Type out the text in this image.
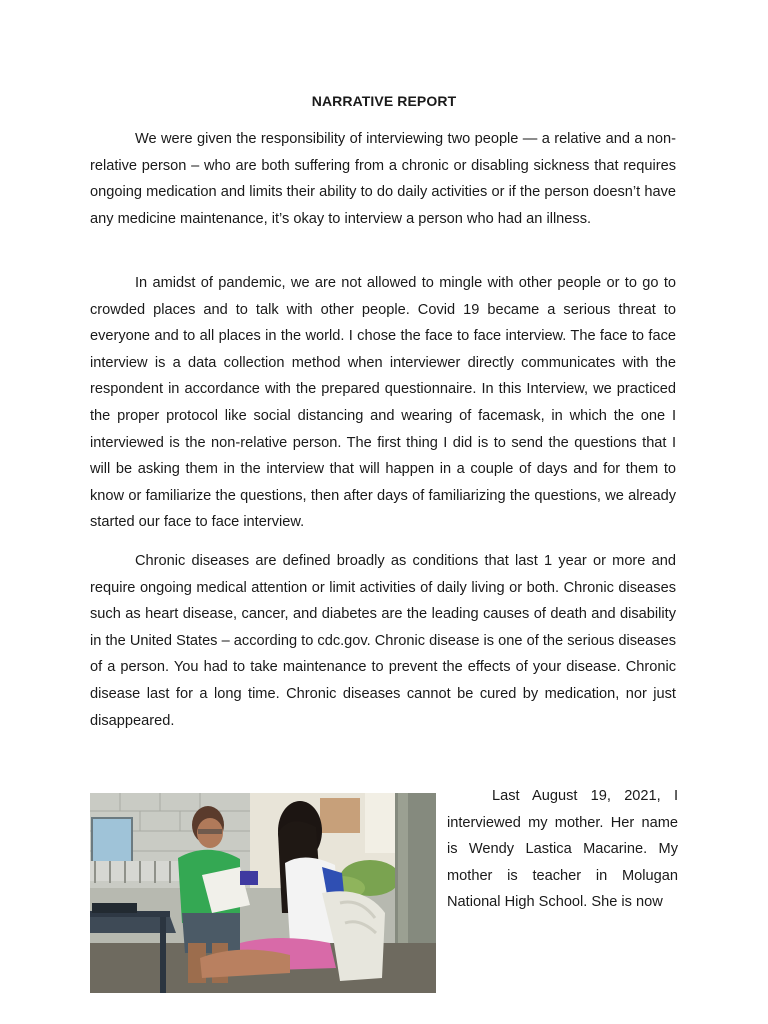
NARRATIVE REPORT

We were given the responsibility of interviewing two people — a relative and a non-relative person – who are both suffering from a chronic or disabling sickness that requires ongoing medication and limits their ability to do daily activities or if the person doesn’t have any medicine maintenance, it’s okay to interview a person who had an illness.

In amidst of pandemic, we are not allowed to mingle with other people or to go to crowded places and to talk with other people. Covid 19 became a serious threat to everyone and to all places in the world. I chose the face to face interview. The face to face interview is a data collection method when interviewer directly communicates with the respondent in accordance with the prepared questionnaire. In this Interview, we practiced the proper protocol like social distancing and wearing of facemask, in which the one I interviewed is the non-relative person. The first thing I did is to send the questions that I will be asking them in the interview that will happen in a couple of days and for them to know or familiarize the questions, then after days of familiarizing the questions, we already started our face to face interview.

Chronic diseases are defined broadly as conditions that last 1 year or more and require ongoing medical attention or limit activities of daily living or both. Chronic diseases such as heart disease, cancer, and diabetes are the leading causes of death and disability in the United States – according to cdc.gov. Chronic disease is one of the serious diseases of a person. You had to take maintenance to prevent the effects of your disease. Chronic disease last for a long time. Chronic diseases cannot be cured by medication, nor just disappeared.

Last August 19, 2021, I interviewed my mother. Her name is Wendy Lastica Macarine. My mother is teacher in Molugan National High School. She is now
